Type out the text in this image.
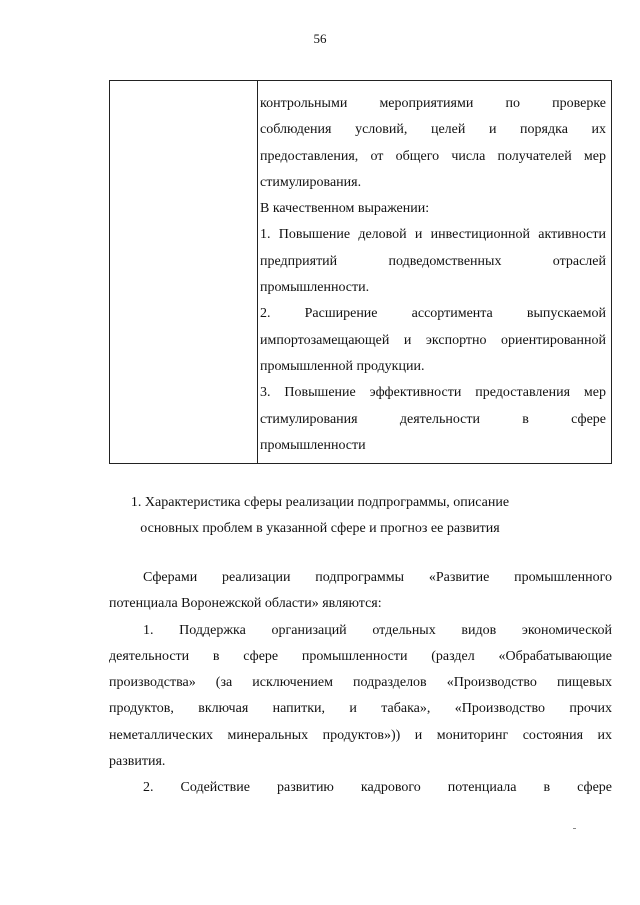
56

контрольными мероприятиями по проверке

соблюдения условий, целей и порядка их

предоставления, от общего числа получателей мер

стимулирования.

В качественном выражении:

1. Повышение деловой и инвестиционной активности

предприятий подведомственных отраслей

промышленности.

2. Расширение ассортимента выпускаемой

импортозамещающей и экспортно ориентированной

промышленной продукции.

3. Повышение эффективности предоставления мер

стимулирования деятельности в сфере

промышленности

1. Характеристика сферы реализации подпрограммы, описание
основных проблем в указанной сфере и прогноз ее развития

Сферами реализации подпрограммы «Развитие промышленного

потенциала Воронежской области» являются:

1. Поддержка организаций отдельных видов экономической

деятельности в сфере промышленности (раздел «Обрабатывающие

производства» (за исключением подразделов «Производство пищевых

продуктов, включая напитки, и табака», «Производство прочих

неметаллических минеральных продуктов»)) и мониторинг состояния их

развития.

2. Содействие развитию кадрового потенциала в сфере
